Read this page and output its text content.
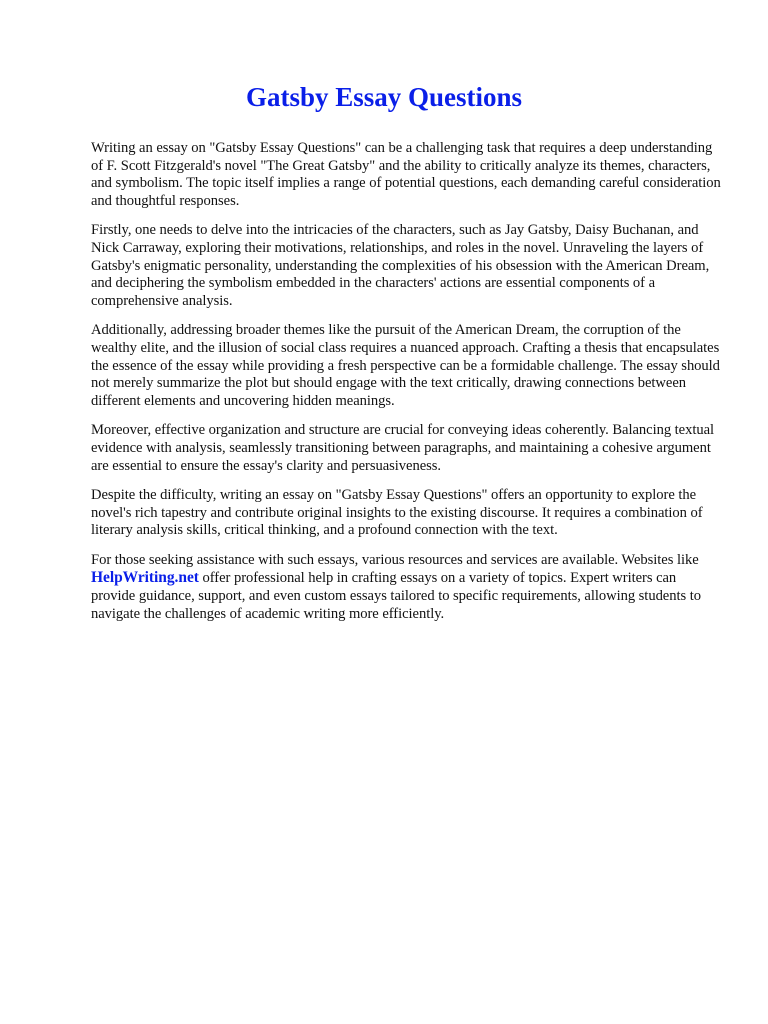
Gatsby Essay Questions

Writing an essay on "Gatsby Essay Questions" can be a challenging task that requires a deep understanding of F. Scott Fitzgerald's novel "The Great Gatsby" and the ability to critically analyze its themes, characters, and symbolism. The topic itself implies a range of potential questions, each demanding careful consideration and thoughtful responses.

Firstly, one needs to delve into the intricacies of the characters, such as Jay Gatsby, Daisy Buchanan, and Nick Carraway, exploring their motivations, relationships, and roles in the novel. Unraveling the layers of Gatsby's enigmatic personality, understanding the complexities of his obsession with the American Dream, and deciphering the symbolism embedded in the characters' actions are essential components of a comprehensive analysis.

Additionally, addressing broader themes like the pursuit of the American Dream, the corruption of the wealthy elite, and the illusion of social class requires a nuanced approach. Crafting a thesis that encapsulates the essence of the essay while providing a fresh perspective can be a formidable challenge. The essay should not merely summarize the plot but should engage with the text critically, drawing connections between different elements and uncovering hidden meanings.

Moreover, effective organization and structure are crucial for conveying ideas coherently. Balancing textual evidence with analysis, seamlessly transitioning between paragraphs, and maintaining a cohesive argument are essential to ensure the essay's clarity and persuasiveness.

Despite the difficulty, writing an essay on "Gatsby Essay Questions" offers an opportunity to explore the novel's rich tapestry and contribute original insights to the existing discourse. It requires a combination of literary analysis skills, critical thinking, and a profound connection with the text.

For those seeking assistance with such essays, various resources and services are available. Websites like HelpWriting.net offer professional help in crafting essays on a variety of topics. Expert writers can provide guidance, support, and even custom essays tailored to specific requirements, allowing students to navigate the challenges of academic writing more efficiently.
